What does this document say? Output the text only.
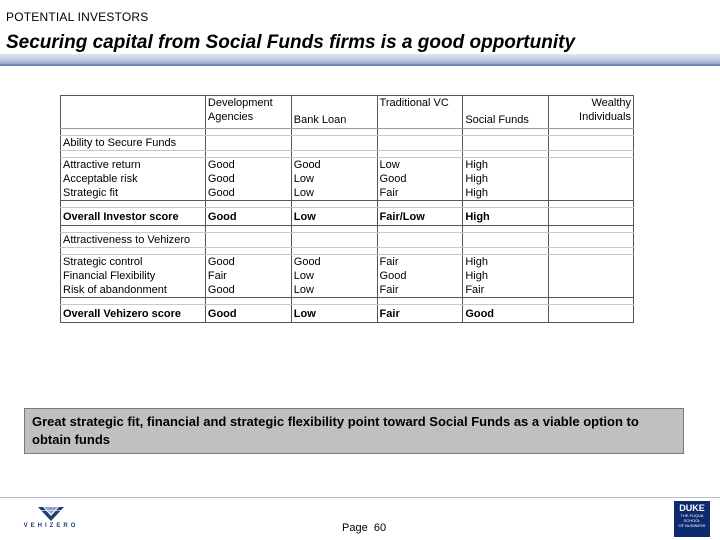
POTENTIAL INVESTORS
Securing capital from Social Funds firms is a good opportunity
	Development Agencies	Bank Loan	Traditional VC	Social Funds	Wealthy Individuals

Ability to Secure Funds					

Attractive return	Good	Good	Low	High	
Acceptable risk	Good	Low	Good	High	
Strategic fit	Good	Low	Fair	High	

Overall Investor score	Good	Low	Fair/Low	High	

Attractiveness to Vehizero					

Strategic control	Good	Good	Fair	High	
Financial Flexibility	Fair	Low	Good	High	
Risk of abandonment	Good	Low	Fair	Fair	

Overall Vehizero score	Good	Low	Fair	Good	
Great strategic fit, financial and strategic flexibility point toward Social Funds as a viable option to obtain funds
VEHIZERO	Page 60
DUKE
THE FUQUA
SCHOOL
OF BUSINESS
